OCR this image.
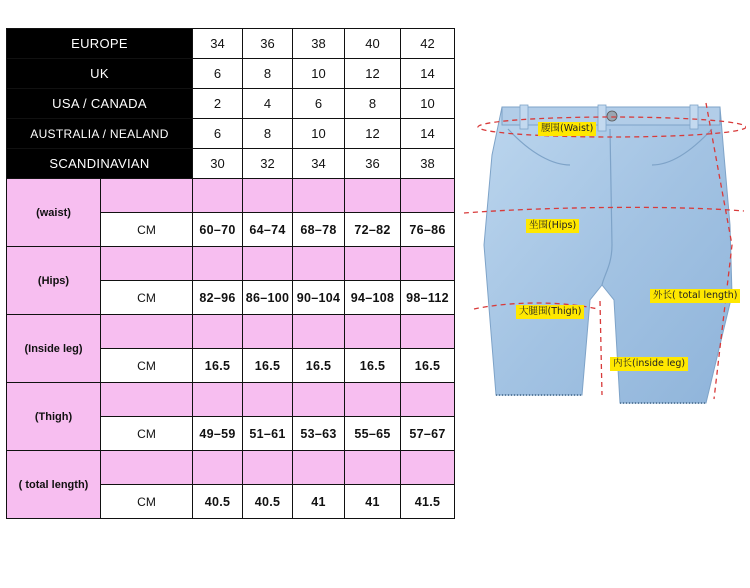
EUROPE		34	36	38	40	42
UK		6	8	10	12	14
USA / CANADA		2	4	6	8	10
AUSTRALIA / NEALAND		6	8	10	12	14
SCANDINAVIAN		30	32	34	36	38
(waist)						
	CM	60–70	64–74	68–78	72–82	76–86
(Hips)						
	CM	82–96	86–100	90–104	94–108	98–112
(Inside leg)						
	CM	16.5	16.5	16.5	16.5	16.5
(Thigh)						
	CM	49–59	51–61	53–63	55–65	57–67
( total length)						
	CM	40.5	40.5	41	41	41.5
腰围(Waist)
坐围(Hips)
大腿围(Thigh)
外长( total length)
内长(inside leg)
